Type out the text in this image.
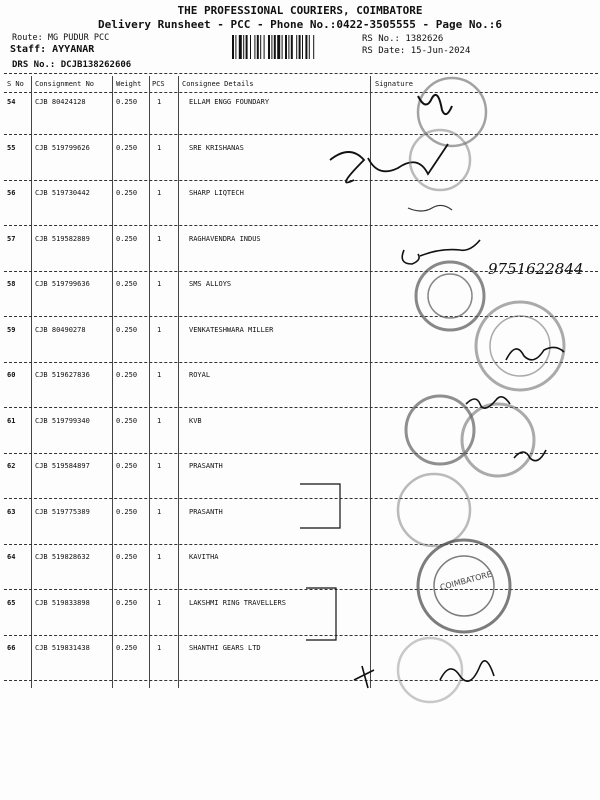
THE PROFESSIONAL COURIERS, COIMBATORE
Delivery Runsheet - PCC - Phone No.:0422-3505555 - Page No.:6
Route: MG PUDUR PCC
Staff: AYYANAR
DRS No.: DCJB138262606
RS No.: 1382626
RS Date: 15-Jun-2024
S No Consignment No	Weight PCS Consignee Details	Signature
54	CJB 80424128	0.250	1	ELLAM ENGG FOUNDARY
55	CJB 519799626	0.250	1	SRE KRISHANAS
56	CJB 519730442	0.250	1	SHARP LIQTECH
57	CJB 519582889	0.250	1	RAGHAVENDRA INDUS
58	CJB 519799636	0.250	1	SMS ALLOYS
59	CJB 80490278	0.250	1	VENKATESHWARA MILLER
60	CJB 519627836	0.250	1	ROYAL
61	CJB 519799340	0.250	1	KVB
62	CJB 519584897	0.250	1	PRASANTH
63	CJB 519775389	0.250	1	PRASANTH
64	CJB 519828632	0.250	1	KAVITHA
65	CJB 519833898	0.250	1	LAKSHMI RING TRAVELLERS
66	CJB 519831438	0.250	1	SHANTHI GEARS LTD
9751622844
COIMBATORE
